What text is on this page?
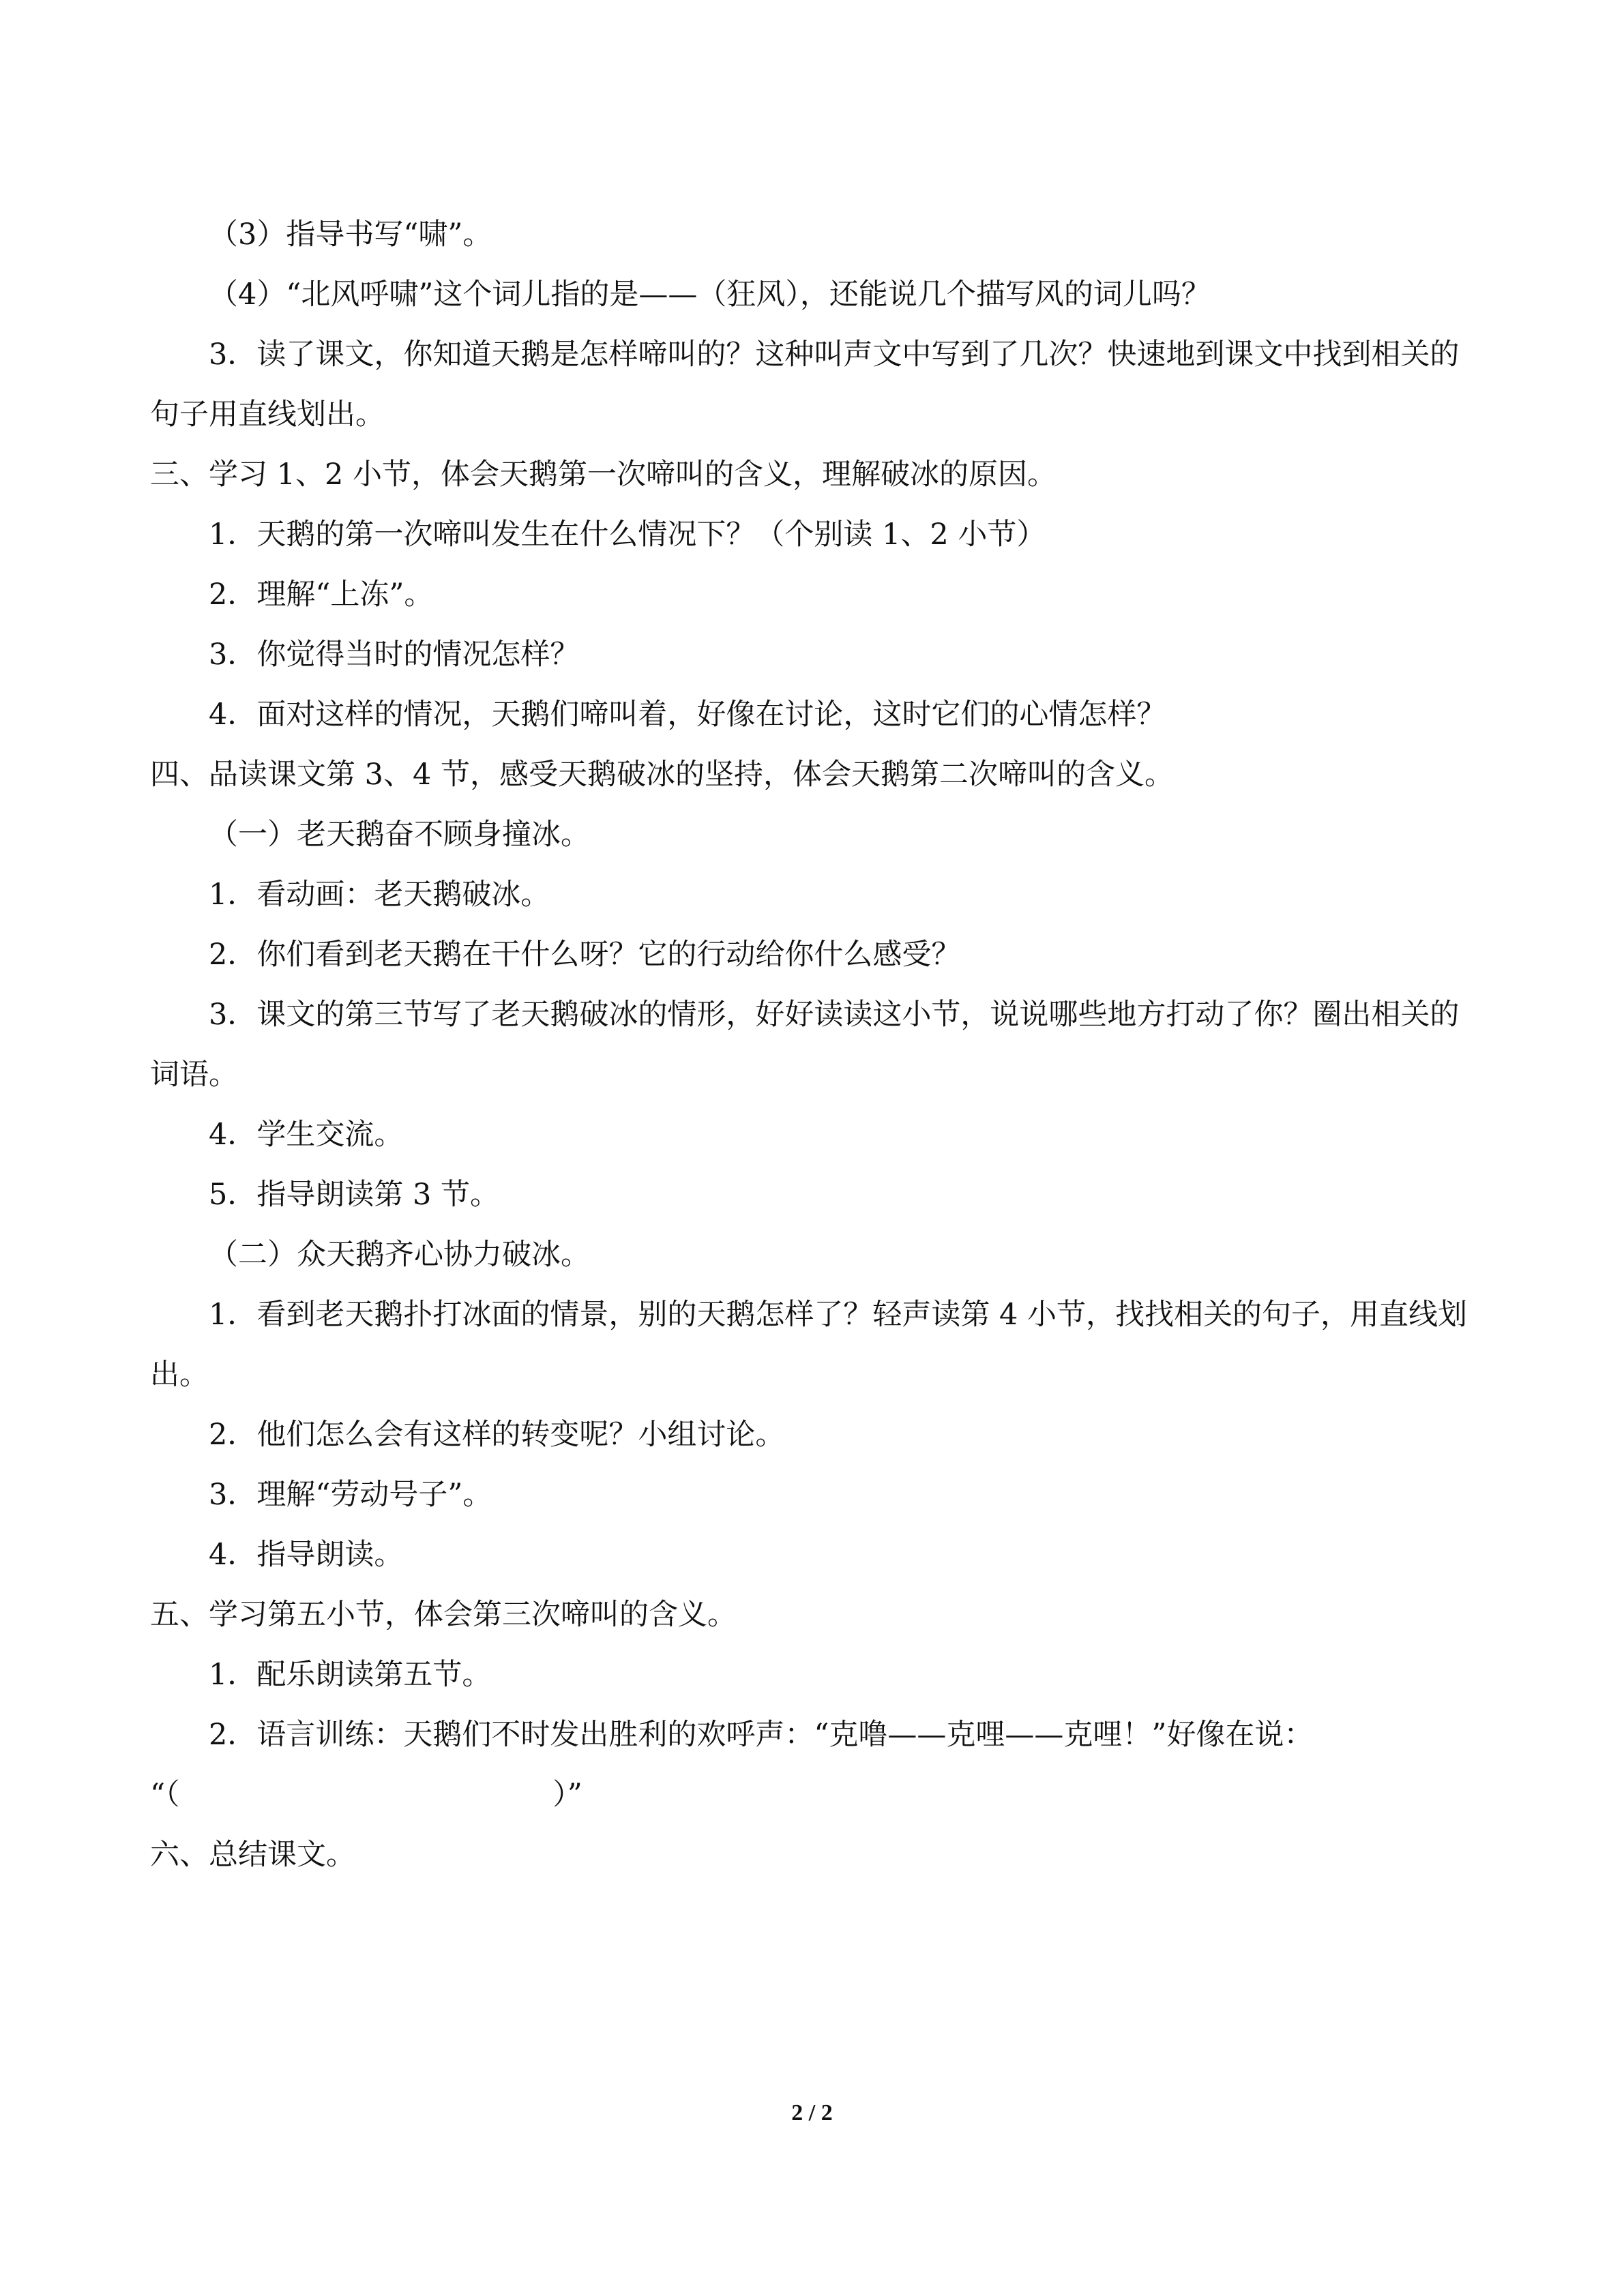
（3）指导书写“啸”。
（4）“北风呼啸”这个词儿指的是——（狂风），还能说几个描写风的词儿吗？
3．读了课文，你知道天鹅是怎样啼叫的？这种叫声文中写到了几次？快速地到课文中找到相关的句子用直线划出。
三、学习 1、2 小节，体会天鹅第一次啼叫的含义，理解破冰的原因。
1．天鹅的第一次啼叫发生在什么情况下？（个别读 1、2 小节）
2．理解“上冻”。
3．你觉得当时的情况怎样？
4．面对这样的情况，天鹅们啼叫着，好像在讨论，这时它们的心情怎样？
四、品读课文第 3、4 节，感受天鹅破冰的坚持，体会天鹅第二次啼叫的含义。
（一）老天鹅奋不顾身撞冰。
1．看动画：老天鹅破冰。
2．你们看到老天鹅在干什么呀？它的行动给你什么感受？
3．课文的第三节写了老天鹅破冰的情形，好好读读这小节，说说哪些地方打动了你？圈出相关的词语。
4．学生交流。
5．指导朗读第 3 节。
（二）众天鹅齐心协力破冰。
1．看到老天鹅扑打冰面的情景，别的天鹅怎样了？轻声读第 4 小节，找找相关的句子，用直线划出。
2．他们怎么会有这样的转变呢？小组讨论。
3．理解“劳动号子”。
4．指导朗读。
五、学习第五小节，体会第三次啼叫的含义。
1．配乐朗读第五节。
2．语言训练：天鹅们不时发出胜利的欢呼声：“克噜——克哩——克哩！”好像在说：
“（                                        ）”
六、总结课文。
2 / 2
